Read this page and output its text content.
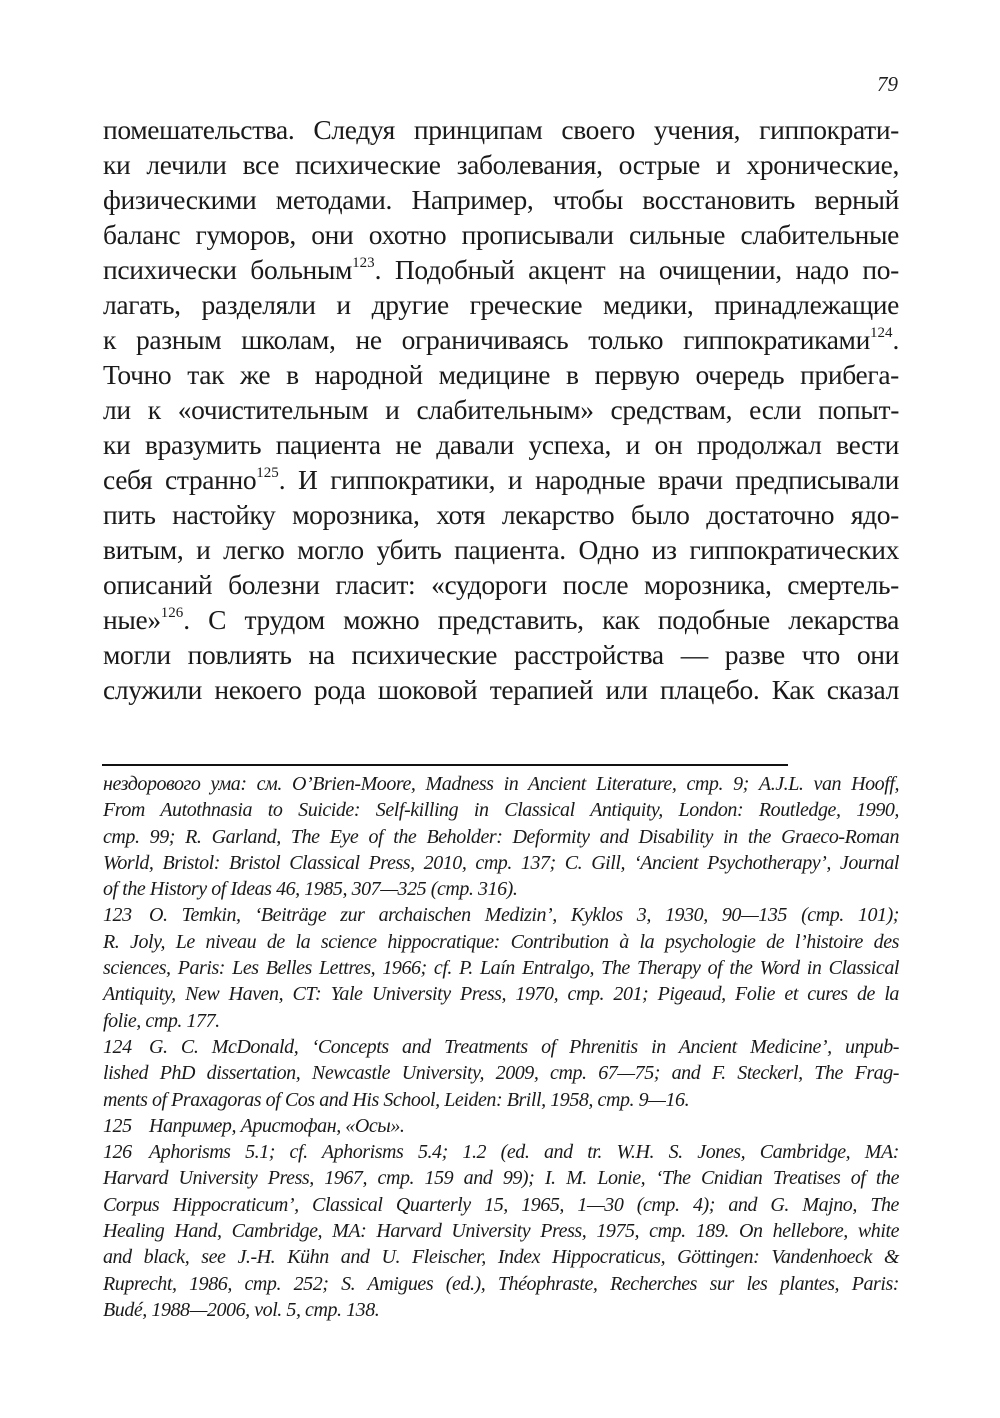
79
помешательства. Следуя принципам своего учения, гиппократи-
ки лечили все психические заболевания, острые и хронические,
физическими методами. Например, чтобы восстановить верный
баланс гуморов, они охотно прописывали сильные слабительные
психически больным$^{123}$. Подобный акцент на очищении, надо по-
лагать, разделяли и другие греческие медики, принадлежащие
к разным школам, не ограничиваясь только гиппократиками$^{124}$.
Точно так же в народной медицине в первую очередь прибега-
ли к «очистительным и слабительным» средствам, если попыт-
ки вразумить пациента не давали успеха, и он продолжал вести
себя странно$^{125}$. И гиппократики, и народные врачи предписывали
пить настойку морозника, хотя лекарство было достаточно ядо-
витым, и легко могло убить пациента. Одно из гиппократических
описаний болезни гласит: «судороги после морозника, смертель-
ные»$^{126}$. С трудом можно представить, как подобные лекарства
могли повлиять на психические расстройства — разве что они
служили некоего рода шоковой терапией или плацебо. Как сказал
нездорового ума: см. O’Brien-Moore, Madness in Ancient Literature, стр. 9; A.J.L. van Hooff,
From Autothnasia to Suicide: Self-killing in Classical Antiquity, London: Routledge, 1990,
стр. 99; R. Garland, The Eye of the Beholder: Deformity and Disability in the Graeco-Roman
World, Bristol: Bristol Classical Press, 2010, стр. 137; C. Gill, ‘Ancient Psychotherapy’, Journal
of the History of Ideas 46, 1985, 307—325 (стр. 316).
123 O. Temkin, ‘Beiträge zur archaischen Medizin’, Kyklos 3, 1930, 90—135 (стр. 101);
R. Joly, Le niveau de la science hippocratique: Contribution à la psychologie de l’histoire des
sciences, Paris: Les Belles Lettres, 1966; cf. P. Laín Entralgo, The Therapy of the Word in Classical
Antiquity, New Haven, CT: Yale University Press, 1970, стр. 201; Pigeaud, Folie et cures de la
folie, стр. 177.
124 G. C. McDonald, ‘Concepts and Treatments of Phrenitis in Ancient Medicine’, unpub-
lished PhD dissertation, Newcastle University, 2009, стр. 67—75; and F. Steckerl, The Frag-
ments of Praxagoras of Cos and His School, Leiden: Brill, 1958, стр. 9—16.
125 Например, Аристофан, «Осы».
126 Aphorisms 5.1; cf. Aphorisms 5.4; 1.2 (ed. and tr. W.H. S. Jones, Cambridge, MA:
Harvard University Press, 1967, стр. 159 and 99); I. M. Lonie, ‘The Cnidian Treatises of the
Corpus Hippocraticum’, Classical Quarterly 15, 1965, 1—30 (стр. 4); and G. Majno, The
Healing Hand, Cambridge, MA: Harvard University Press, 1975, стр. 189. On hellebore, white
and black, see J.-H. Kühn and U. Fleischer, Index Hippocraticus, Göttingen: Vandenhoeck &
Ruprecht, 1986, стр. 252; S. Amigues (ed.), Théophraste, Recherches sur les plantes, Paris:
Budé, 1988—2006, vol. 5, стр. 138.
